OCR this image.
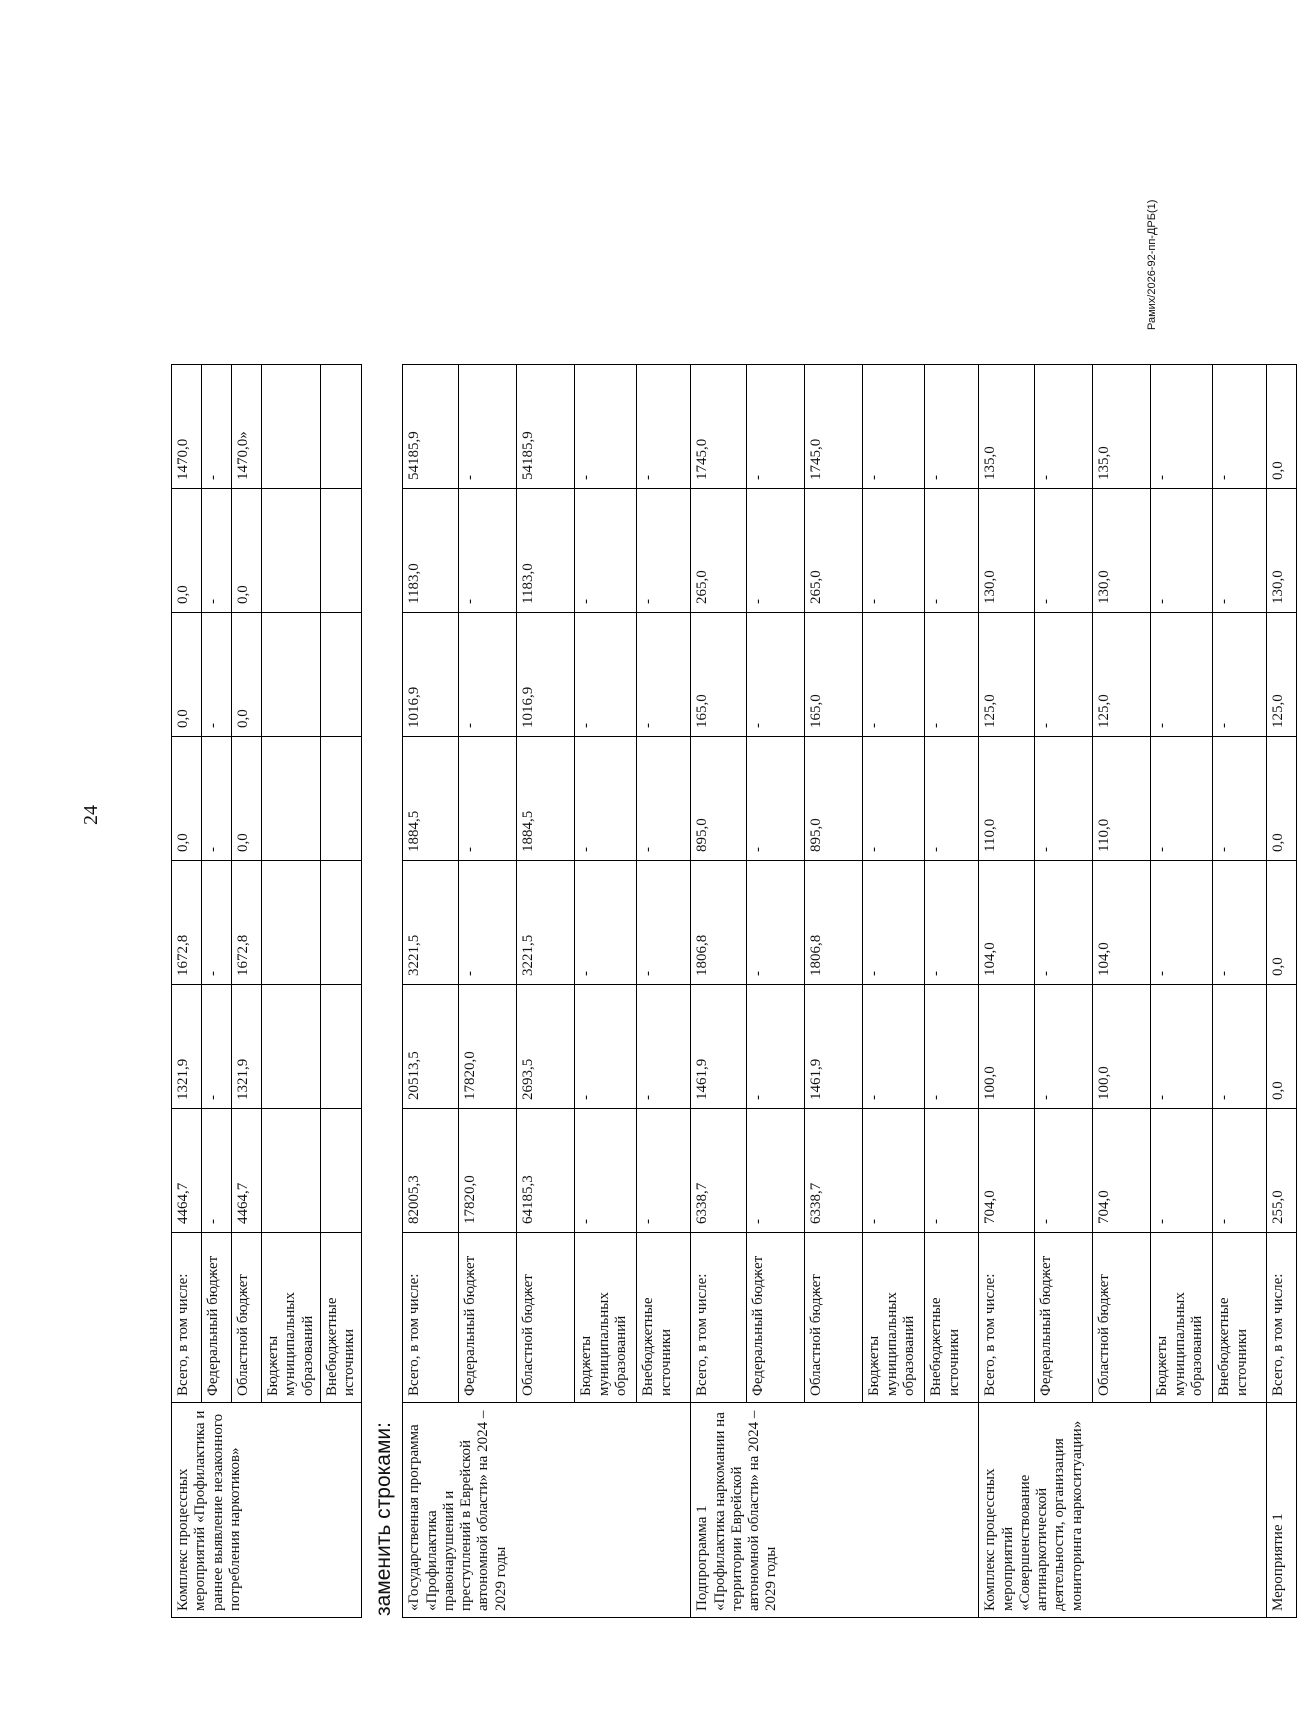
24
Рамих/2026-92-пп-ДРБ(1)
Комплекс процессных мероприятий «Профилактика и раннее выявление незаконного потребления наркотиков»	Всего, в том числе:	4464,7	1321,9	1672,8	0,0	0,0	0,0	1470,0
	Федеральный бюджет	-	-	-	-	-	-	-
	Областной бюджет	4464,7	1321,9	1672,8	0,0	0,0	0,0	1470,0»
	Бюджеты муниципальных образований							
	Внебюджетные источники							
заменить строками: «Государственная программа «Профилактика правонарушений и преступлений в Еврейской автономной области» на 2024 – 2029 годы	Всего, в том числе:	82005,3	20513,5	3221,5	1884,5	1016,9	1183,0	54185,9
	Федеральный бюджет	17820,0	17820,0	-	-	-	-	-
	Областной бюджет	64185,3	2693,5	3221,5	1884,5	1016,9	1183,0	54185,9
	Бюджеты муниципальных образований	-	-	-	-	-	-	-
	Внебюджетные источники	-	-	-	-	-	-	-
Подпрограмма 1 «Профилактика наркомании на территории Еврейской автономной области» на 2024 – 2029 годы	Всего, в том числе:	6338,7	1461,9	1806,8	895,0	165,0	265,0	1745,0
	Федеральный бюджет	-	-	-	-	-	-	-
	Областной бюджет	6338,7	1461,9	1806,8	895,0	165,0	265,0	1745,0
	Бюджеты муниципальных образований	-	-	-	-	-	-	-
	Внебюджетные источники	-	-	-	-	-	-	-
Комплекс процессных мероприятий «Совершенствование антинаркотической деятельности, организация мониторинга наркоситуации»	Всего, в том числе:	704,0	100,0	104,0	110,0	125,0	130,0	135,0
	Федеральный бюджет	-	-	-	-	-	-	-
	Областной бюджет	704,0	100,0	104,0	110,0	125,0	130,0	135,0
	Бюджеты муниципальных образований	-	-	-	-	-	-	-
	Внебюджетные источники	-	-	-	-	-	-	-
Мероприятие 1	Всего, в том числе:	255,0	0,0	0,0	0,0	125,0	130,0	0,0
